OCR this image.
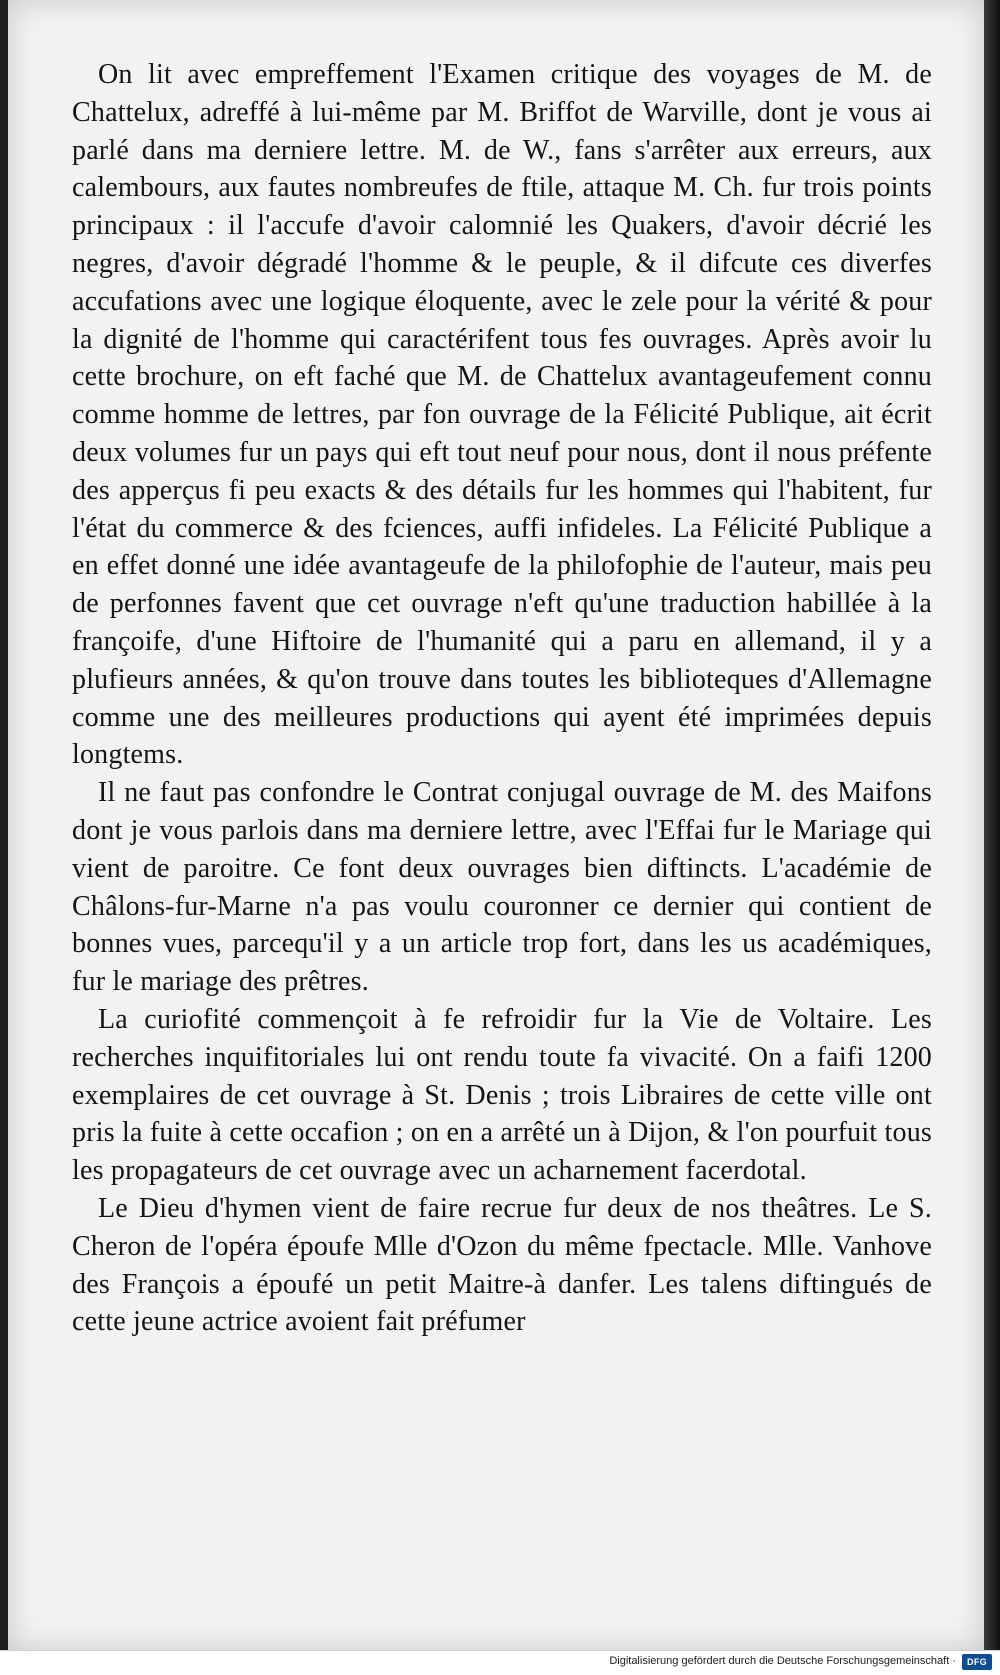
On lit avec empreffement l'Examen critique des voyages de M. de Chattelux, adreffé à lui-même par M. Briffot de Warville, dont je vous ai parlé dans ma derniere lettre. M. de W., fans s'arrêter aux erreurs, aux calembours, aux fautes nombreufes de ftile, attaque M. Ch. fur trois points principaux : il l'accufe d'avoir calomnié les Quakers, d'avoir décrié les negres, d'avoir dégradé l'homme & le peuple, & il difcute ces diverfes accufations avec une logique éloquente, avec le zele pour la vérité & pour la dignité de l'homme qui caractérifent tous fes ouvrages. Après avoir lu cette brochure, on eft faché que M. de Chattelux avantageufement connu comme homme de lettres, par fon ouvrage de la Félicité Publique, ait écrit deux volumes fur un pays qui eft tout neuf pour nous, dont il nous préfente des apperçus fi peu exacts & des détails fur les hommes qui l'habitent, fur l'état du commerce & des fciences, auffi infideles. La Félicité Publique a en effet donné une idée avantageufe de la philofophie de l'auteur, mais peu de perfonnes favent que cet ouvrage n'eft qu'une traduction habillée à la françoife, d'une Hiftoire de l'humanité qui a paru en allemand, il y a plufieurs années, & qu'on trouve dans toutes les biblioteques d'Allemagne comme une des meilleures productions qui ayent été imprimées depuis longtems.

Il ne faut pas confondre le Contrat conjugal ouvrage de M. des Maifons dont je vous parlois dans ma derniere lettre, avec l'Effai fur le Mariage qui vient de paroitre. Ce font deux ouvrages bien diftincts. L'académie de Châlons-fur-Marne n'a pas voulu couronner ce dernier qui contient de bonnes vues, parcequ'il y a un article trop fort, dans les us académiques, fur le mariage des prêtres.

La curiofité commençoit à fe refroidir fur la Vie de Voltaire. Les recherches inquifitoriales lui ont rendu toute fa vivacité. On a faifi 1200 exemplaires de cet ouvrage à St. Denis ; trois Libraires de cette ville ont pris la fuite à cette occafion ; on en a arrêté un à Dijon, & l'on pourfuit tous les propagateurs de cet ouvrage avec un acharnement facerdotal.

Le Dieu d'hymen vient de faire recrue fur deux de nos theâtres. Le S. Cheron de l'opéra époufe Mlle d'Ozon du même fpectacle. Mlle. Vanhove des François a époufé un petit Maitre-à danfer. Les talens diftingués de cette jeune actrice avoient fait préfumer

Digitalisierung gefördert durch die Deutsche Forschungsgemeinschaft ·	DFG
